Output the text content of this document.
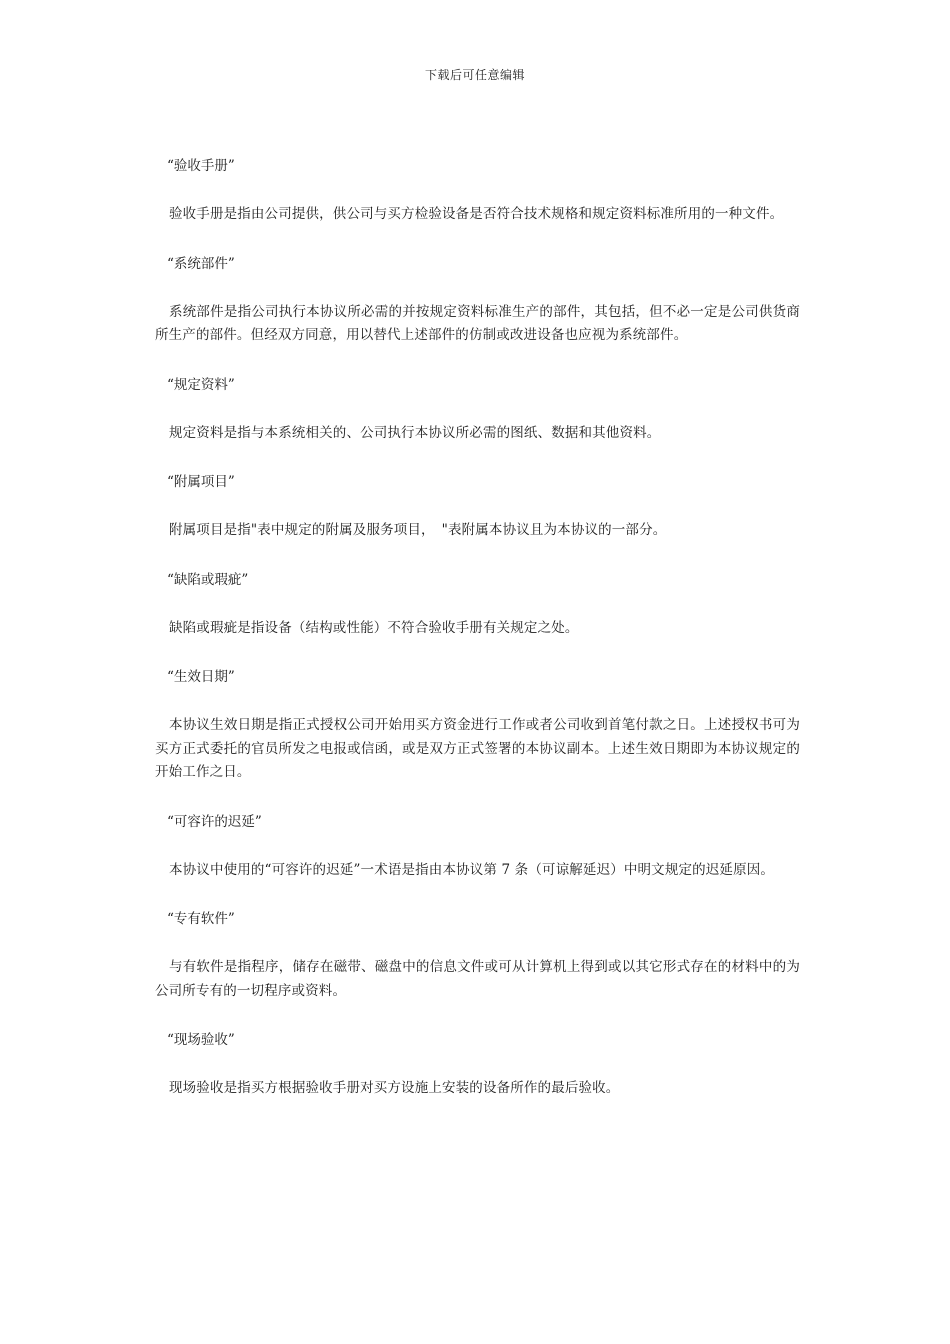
下载后可任意编辑

“验收手册”

验收手册是指由公司提供，供公司与买方检验设备是否符合技术规格和规定资料标准所用的一种文件。

“系统部件”

系统部件是指公司执行本协议所必需的并按规定资料标准生产的部件，其包括，但不必一定是公司供货商所生产的部件。但经双方同意，用以替代上述部件的仿制或改进设备也应视为系统部件。

“规定资料”

规定资料是指与本系统相关的、公司执行本协议所必需的图纸、数据和其他资料。

“附属项目”

附属项目是指"表中规定的附属及服务项目，　"表附属本协议且为本协议的一部分。

“缺陷或瑕疵”

缺陷或瑕疵是指设备（结构或性能）不符合验收手册有关规定之处。

“生效日期”

本协议生效日期是指正式授权公司开始用买方资金进行工作或者公司收到首笔付款之日。上述授权书可为买方正式委托的官员所发之电报或信函，或是双方正式签署的本协议副本。上述生效日期即为本协议规定的开始工作之日。

“可容许的迟延”

本协议中使用的“可容许的迟延”一术语是指由本协议第 7 条（可谅解延迟）中明文规定的迟延原因。

“专有软件”

与有软件是指程序，储存在磁带、磁盘中的信息文件或可从计算机上得到或以其它形式存在的材料中的为公司所专有的一切程序或资料。

“现场验收”

现场验收是指买方根据验收手册对买方设施上安装的设备所作的最后验收。
